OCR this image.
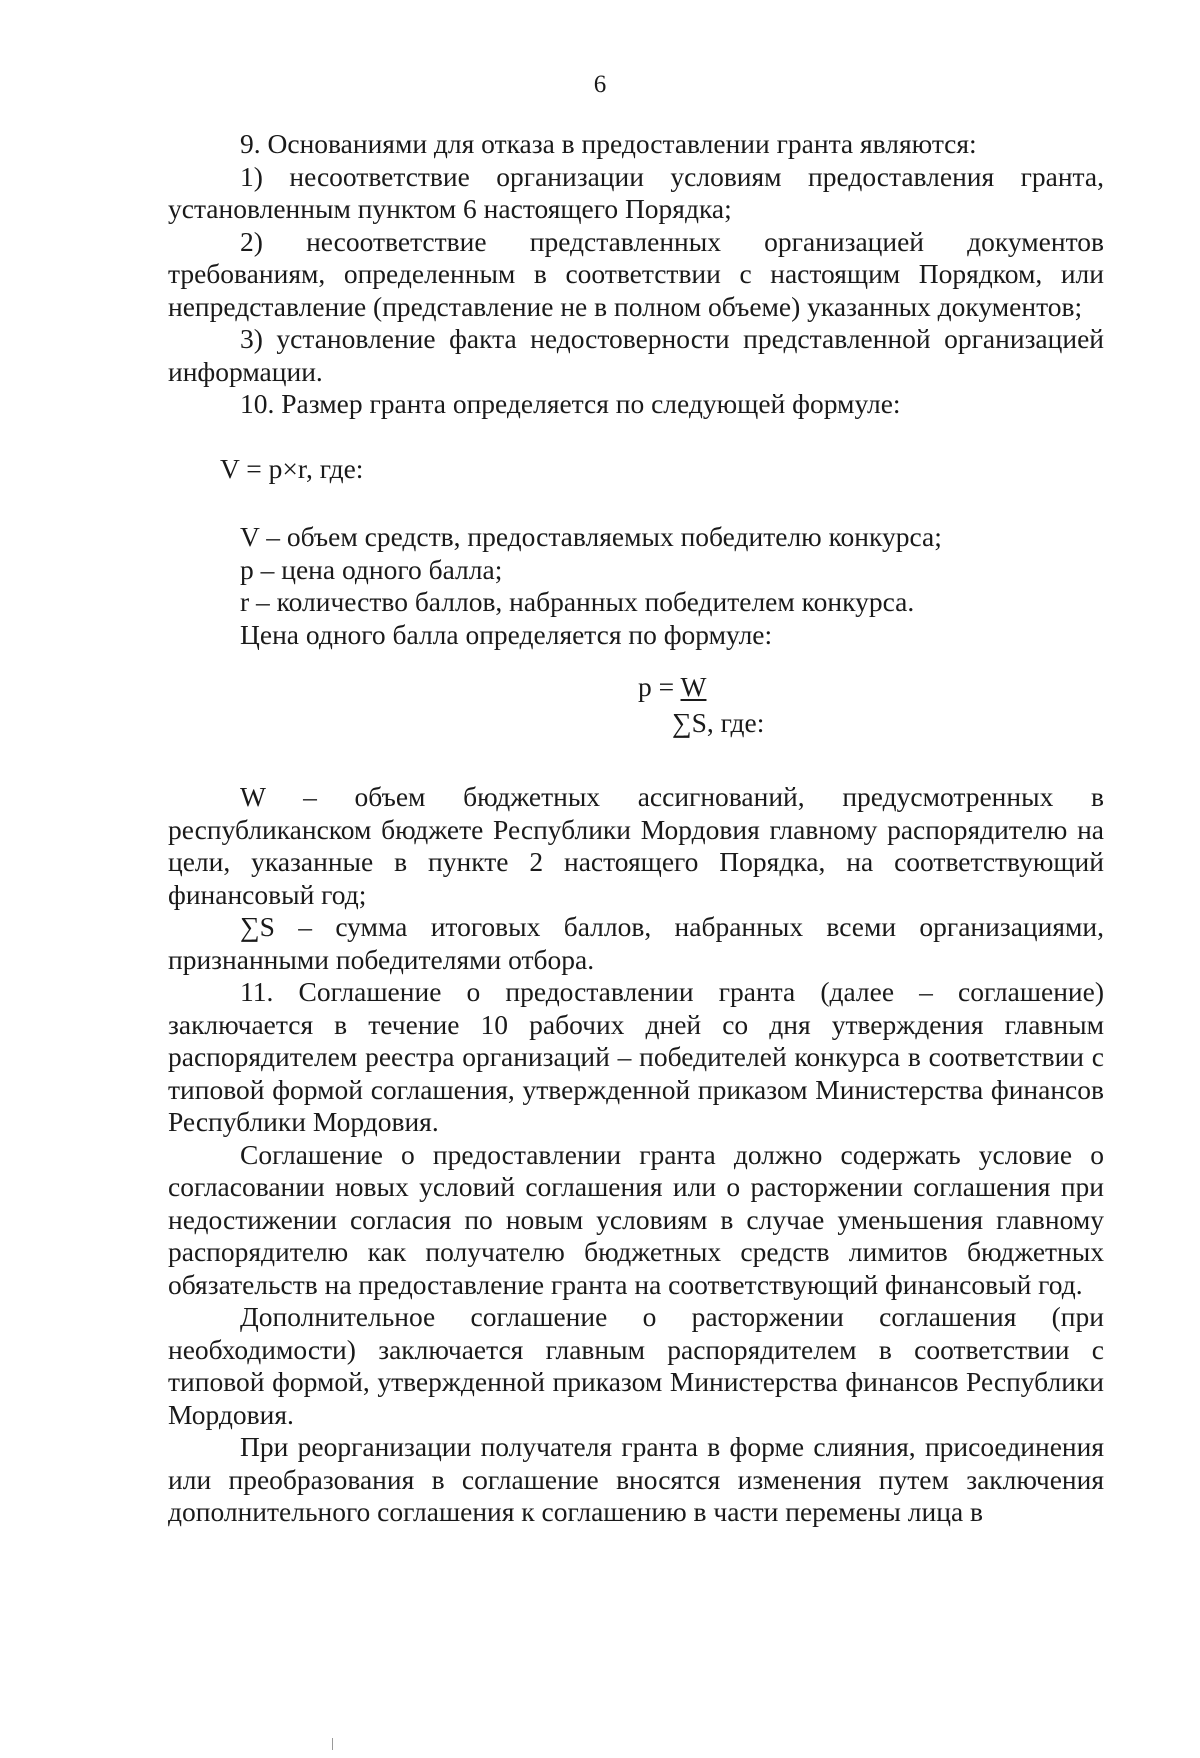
6

9. Основаниями для отказа в предоставлении гранта являются:

1) несоответствие организации условиям предоставления гранта, установленным пунктом 6 настоящего Порядка;

2) несоответствие представленных организацией документов требованиям, определенным в соответствии с настоящим Порядком, или непредставление (представление не в полном объеме) указанных документов;

3) установление факта недостоверности представленной организацией информации.

10. Размер гранта определяется по следующей формуле:

V = p×r, где:

V – объем средств, предоставляемых победителю конкурса;

p – цена одного балла;

r – количество баллов, набранных победителем конкурса.

Цена одного балла определяется по формуле:

p = W
∑S, где:

W – объем бюджетных ассигнований, предусмотренных в республиканском бюджете Республики Мордовия главному распорядителю на цели, указанные в пункте 2 настоящего Порядка, на соответствующий финансовый год;

∑S – сумма итоговых баллов, набранных всеми организациями, признанными победителями отбора.

11. Соглашение о предоставлении гранта (далее – соглашение) заключается в течение 10 рабочих дней со дня утверждения главным распорядителем реестра организаций – победителей конкурса в соответствии с типовой формой соглашения, утвержденной приказом Министерства финансов Республики Мордовия.

Соглашение о предоставлении гранта должно содержать условие о согласовании новых условий соглашения или о расторжении соглашения при недостижении согласия по новым условиям в случае уменьшения главному распорядителю как получателю бюджетных средств лимитов бюджетных обязательств на предоставление гранта на соответствующий финансовый год.

Дополнительное соглашение о расторжении соглашения (при необходимости) заключается главным распорядителем в соответствии с типовой формой, утвержденной приказом Министерства финансов Республики Мордовия.

При реорганизации получателя гранта в форме слияния, присоединения или преобразования в соглашение вносятся изменения путем заключения дополнительного соглашения к соглашению в части перемены лица в
